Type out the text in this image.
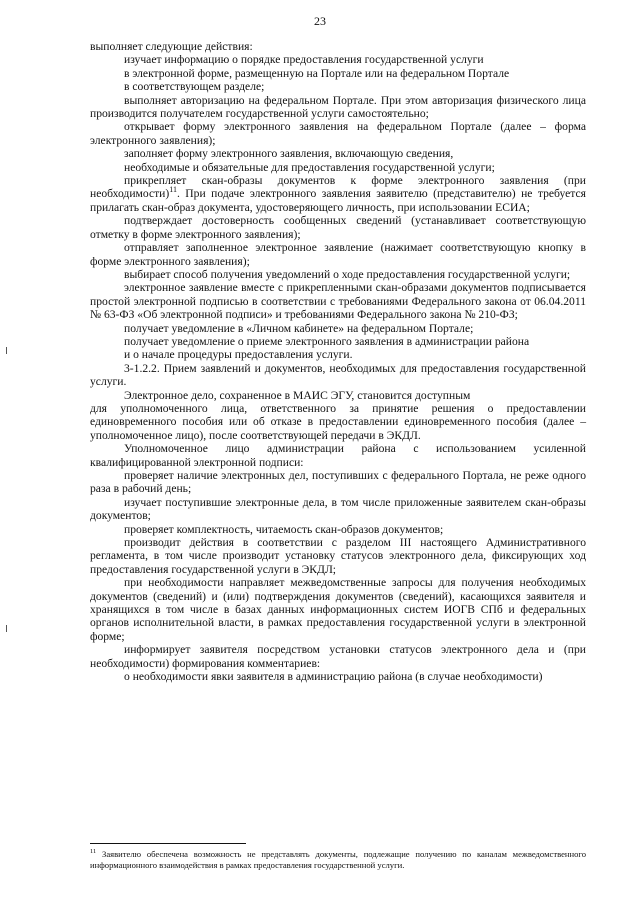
23

выполняет следующие действия:

изучает информацию о порядке предоставления государственной услуги
в электронной форме, размещенную на Портале или на федеральном Портале
в соответствующем разделе;

выполняет авторизацию на федеральном Портале. При этом авторизация физического лица производится получателем государственной услуги самостоятельно;

открывает форму электронного заявления на федеральном Портале (далее – форма электронного заявления);

заполняет форму электронного заявления, включающую сведения,
необходимые и обязательные для предоставления государственной услуги;

прикрепляет скан-образы документов к форме электронного заявления (при необходимости)$^{11}$. При подаче электронного заявления заявителю (представителю) не требуется прилагать скан-образ документа, удостоверяющего личность, при использовании ЕСИА;

подтверждает достоверность сообщенных сведений (устанавливает соответствующую отметку в форме электронного заявления);

отправляет заполненное электронное заявление (нажимает соответствующую кнопку в форме электронного заявления);

выбирает способ получения уведомлений о ходе предоставления государственной услуги;

электронное заявление вместе с прикрепленными скан-образами документов подписывается простой электронной подписью в соответствии с требованиями Федерального закона от 06.04.2011 № 63-ФЗ «Об электронной подписи» и требованиями Федерального закона № 210-ФЗ;

получает уведомление в «Личном кабинете» на федеральном Портале;

получает уведомление о приеме электронного заявления в администрации района
и о начале процедуры предоставления услуги.

3-1.2.2. Прием заявлений и документов, необходимых для предоставления государственной услуги.

Электронное дело, сохраненное в МАИС ЭГУ, становится доступным
для уполномоченного лица, ответственного за принятие решения о предоставлении единовременного пособия или об отказе в предоставлении единовременного пособия (далее – уполномоченное лицо), после соответствующей передачи в ЭКДЛ.

Уполномоченное лицо администрации района с использованием усиленной квалифицированной электронной подписи:

проверяет наличие электронных дел, поступивших с федерального Портала, не реже одного раза в рабочий день;

изучает поступившие электронные дела, в том числе приложенные заявителем скан-образы документов;

проверяет комплектность, читаемость скан-образов документов;

производит действия в соответствии с разделом III настоящего Административного регламента, в том числе производит установку статусов электронного дела, фиксирующих ход предоставления государственной услуги в ЭКДЛ;

при необходимости направляет межведомственные запросы для получения необходимых документов (сведений) и (или) подтверждения документов (сведений), касающихся заявителя и хранящихся в том числе в базах данных информационных систем ИОГВ СПб и федеральных органов исполнительной власти, в рамках предоставления государственной услуги в электронной форме;

информирует заявителя посредством установки статусов электронного дела и (при необходимости) формирования комментариев:

о необходимости явки заявителя в администрацию района (в случае необходимости)

$^{11}$ Заявителю обеспечена возможность не представлять документы, подлежащие получению по каналам межведомственного информационного взаимодействия в рамках предоставления государственной услуги.
